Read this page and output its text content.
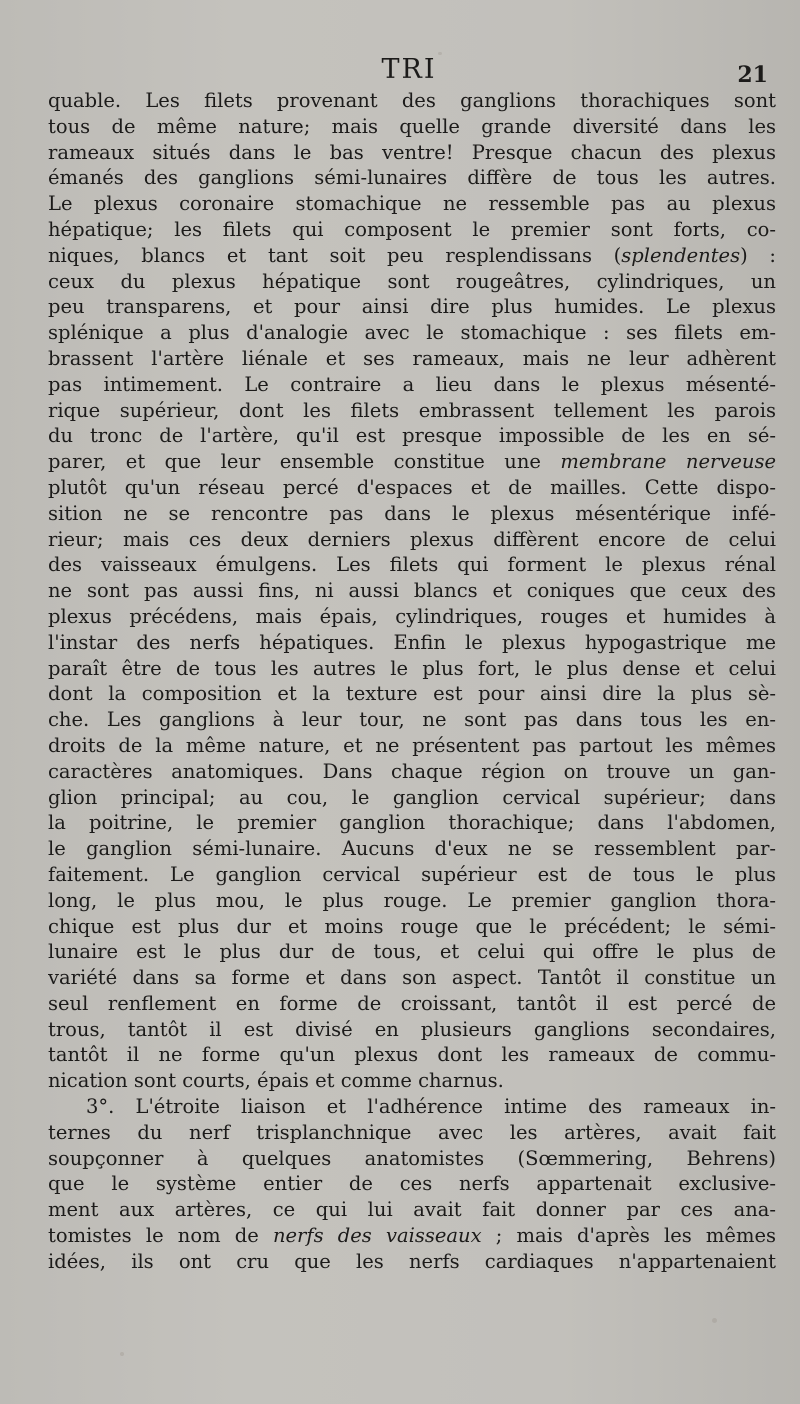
TRI	21
quable. Les filets provenant des ganglions thorachiques sont
tous de même nature; mais quelle grande diversité dans les
rameaux situés dans le bas ventre! Presque chacun des plexus
émanés des ganglions sémi-lunaires diffère de tous les autres.
Le plexus coronaire stomachique ne ressemble pas au plexus
hépatique; les filets qui composent le premier sont forts, co-
niques, blancs et tant soit peu resplendissans (splendentes) :
ceux du plexus hépatique sont rougeâtres, cylindriques, un
peu transparens, et pour ainsi dire plus humides. Le plexus
splénique a plus d'analogie avec le stomachique : ses filets em-
brassent l'artère liénale et ses rameaux, mais ne leur adhèrent
pas intimement. Le contraire a lieu dans le plexus mésenté-
rique supérieur, dont les filets embrassent tellement les parois
du tronc de l'artère, qu'il est presque impossible de les en sé-
parer, et que leur ensemble constitue une membrane nerveuse
plutôt qu'un réseau percé d'espaces et de mailles. Cette dispo-
sition ne se rencontre pas dans le plexus mésentérique infé-
rieur; mais ces deux derniers plexus diffèrent encore de celui
des vaisseaux émulgens. Les filets qui forment le plexus rénal
ne sont pas aussi fins, ni aussi blancs et coniques que ceux des
plexus précédens, mais épais, cylindriques, rouges et humides à
l'instar des nerfs hépatiques. Enfin le plexus hypogastrique me
paraît être de tous les autres le plus fort, le plus dense et celui
dont la composition et la texture est pour ainsi dire la plus sè-
che. Les ganglions à leur tour, ne sont pas dans tous les en-
droits de la même nature, et ne présentent pas partout les mêmes
caractères anatomiques. Dans chaque région on trouve un gan-
glion principal; au cou, le ganglion cervical supérieur; dans
la poitrine, le premier ganglion thorachique; dans l'abdomen,
le ganglion sémi-lunaire. Aucuns d'eux ne se ressemblent par-
faitement. Le ganglion cervical supérieur est de tous le plus
long, le plus mou, le plus rouge. Le premier ganglion thora-
chique est plus dur et moins rouge que le précédent; le sémi-
lunaire est le plus dur de tous, et celui qui offre le plus de
variété dans sa forme et dans son aspect. Tantôt il constitue un
seul renflement en forme de croissant, tantôt il est percé de
trous, tantôt il est divisé en plusieurs ganglions secondaires,
tantôt il ne forme qu'un plexus dont les rameaux de commu-
nication sont courts, épais et comme charnus.
3°. L'étroite liaison et l'adhérence intime des rameaux in-
ternes du nerf trisplanchnique avec les artères, avait fait
soupçonner à quelques anatomistes (Sœmmering, Behrens)
que le système entier de ces nerfs appartenait exclusive-
ment aux artères, ce qui lui avait fait donner par ces ana-
tomistes le nom de nerfs des vaisseaux ; mais d'après les mêmes
idées, ils ont cru que les nerfs cardiaques n'appartenaient
